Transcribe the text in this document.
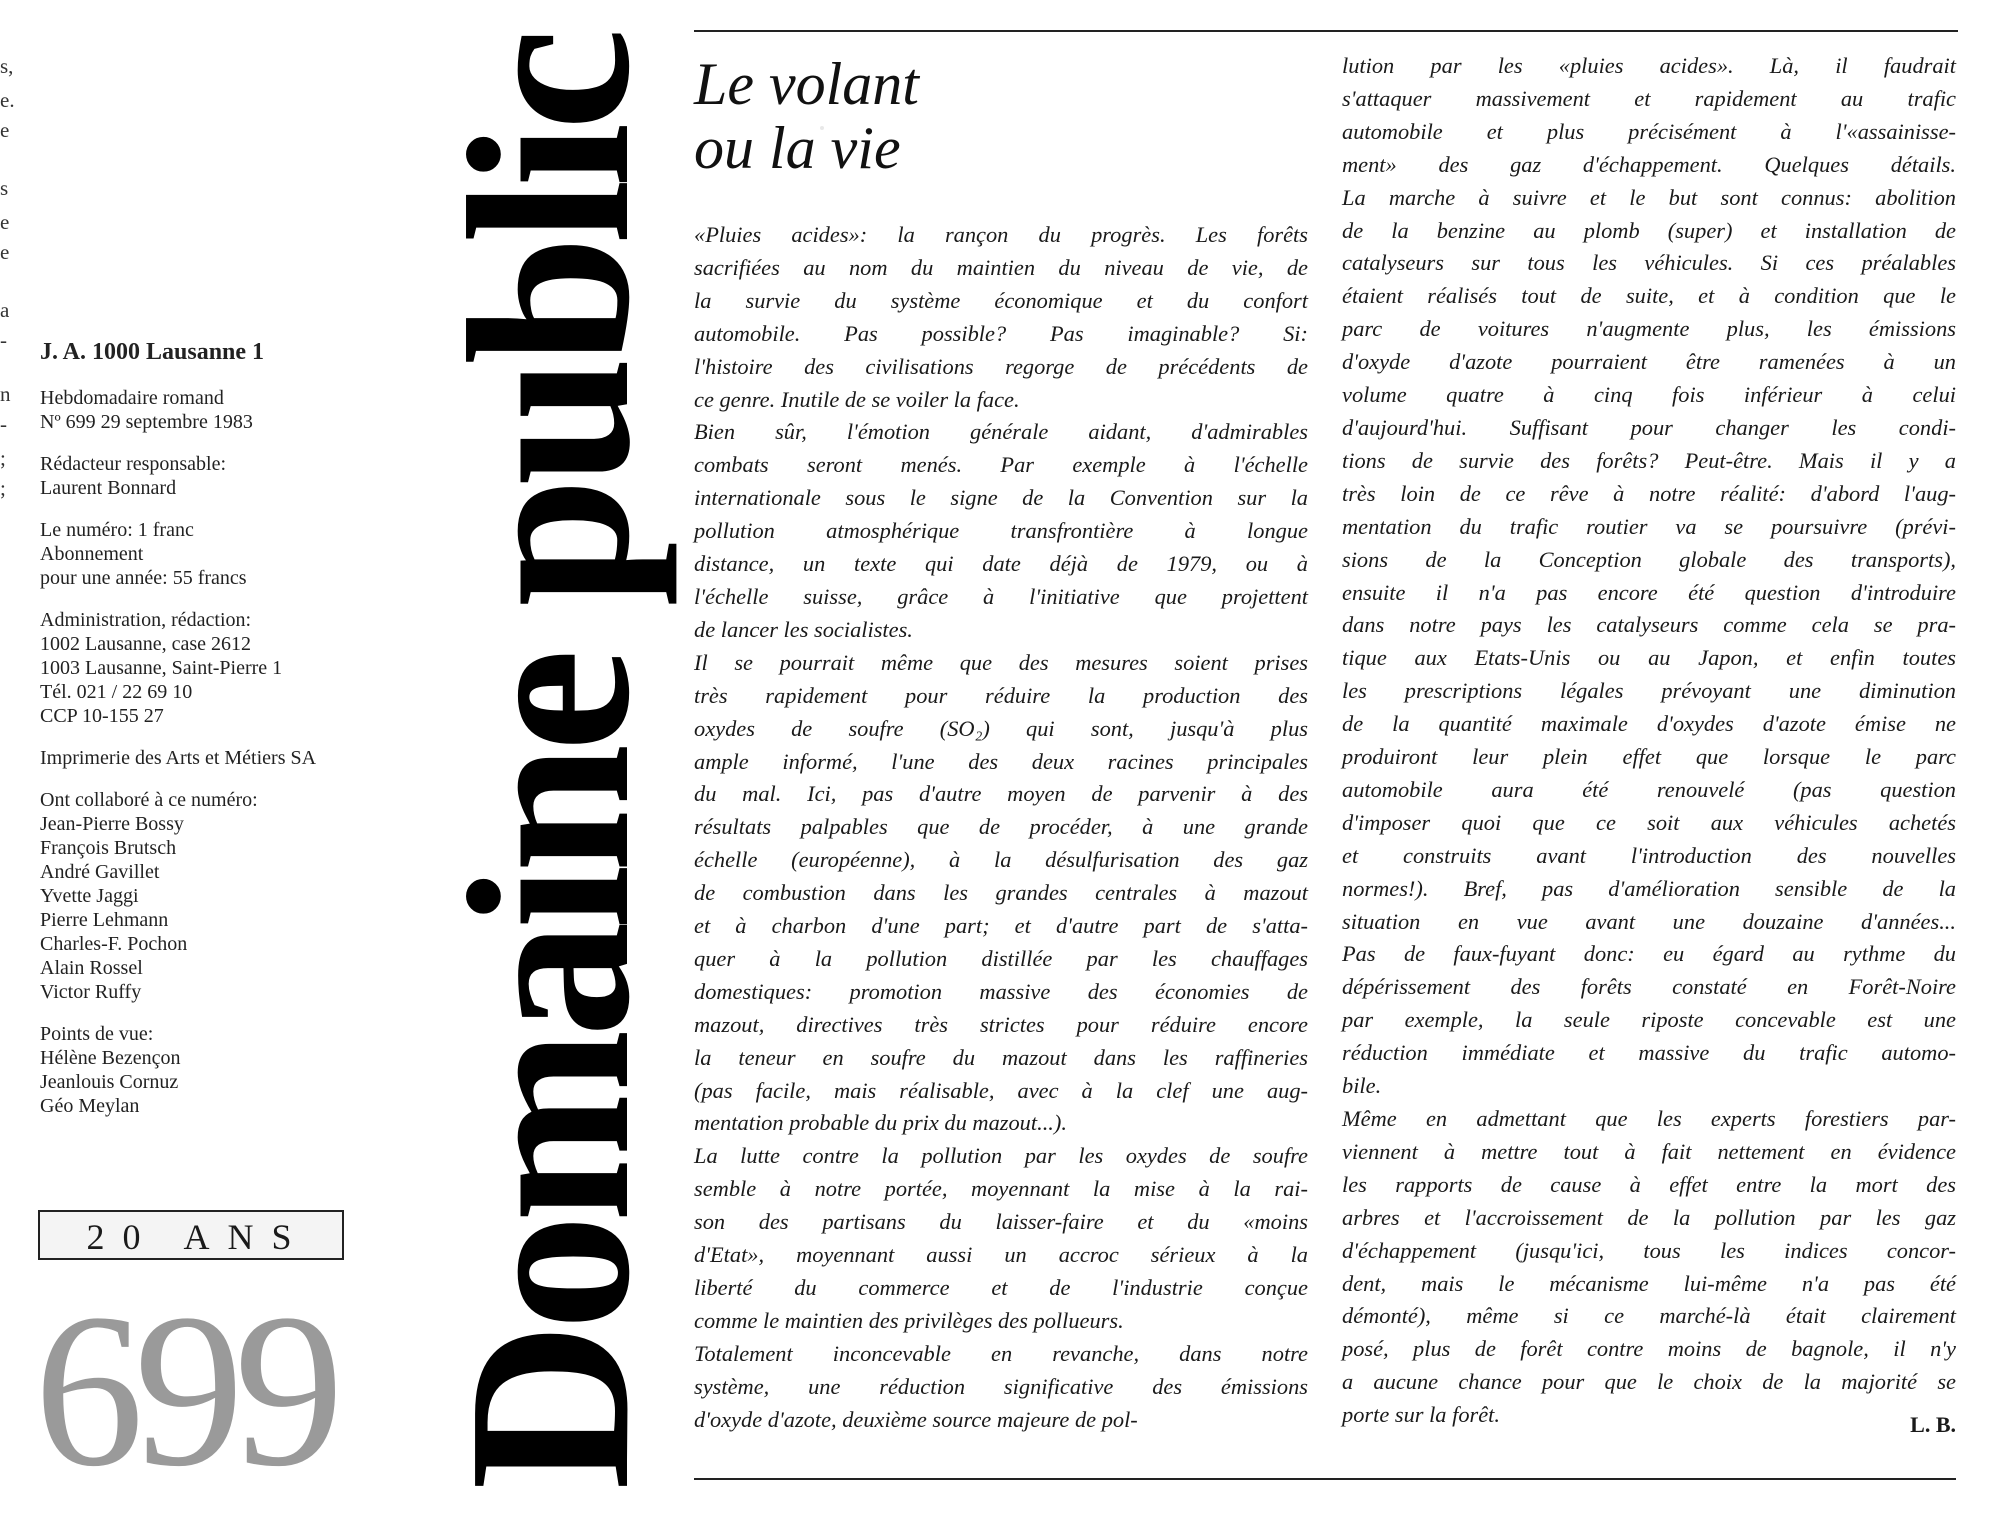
s,
e.
e
s
e
e
a
-
n
-
;
;
J. A. 1000 Lausanne 1
Hebdomadaire romand
Nº 699 29 septembre 1983
Rédacteur responsable:
Laurent Bonnard
Le numéro: 1 franc
Abonnement
pour une année: 55 francs
Administration, rédaction:
1002 Lausanne, case 2612
1003 Lausanne, Saint-Pierre 1
Tél. 021 / 22 69 10
CCP 10-155 27
Imprimerie des Arts et Métiers SA
Ont collaboré à ce numéro:
Jean-Pierre Bossy
François Brutsch
André Gavillet
Yvette Jaggi
Pierre Lehmann
Charles-F. Pochon
Alain Rossel
Victor Ruffy
Points de vue:
Hélène Bezençon
Jeanlouis Cornuz
Géo Meylan
20 ANS
699 Domaine public Le volant
ou la vie
«Pluies acides»: la rançon du progrès. Les forêts
sacrifiées au nom du maintien du niveau de vie, de
la survie du système économique et du confort
automobile. Pas possible? Pas imaginable? Si:
l'histoire des civilisations regorge de précédents de
ce genre. Inutile de se voiler la face.
Bien sûr, l'émotion générale aidant, d'admirables
combats seront menés. Par exemple à l'échelle
internationale sous le signe de la Convention sur la
pollution atmosphérique transfrontière à longue
distance, un texte qui date déjà de 1979, ou à
l'échelle suisse, grâce à l'initiative que projettent
de lancer les socialistes.
Il se pourrait même que des mesures soient prises
très rapidement pour réduire la production des
oxydes de soufre (SO₂) qui sont, jusqu'à plus
ample informé, l'une des deux racines principales
du mal. Ici, pas d'autre moyen de parvenir à des
résultats palpables que de procéder, à une grande
échelle (européenne), à la désulfurisation des gaz
de combustion dans les grandes centrales à mazout
et à charbon d'une part; et d'autre part de s'atta-
quer à la pollution distillée par les chauffages
domestiques: promotion massive des économies de
mazout, directives très strictes pour réduire encore
la teneur en soufre du mazout dans les raffineries
(pas facile, mais réalisable, avec à la clef une aug-
mentation probable du prix du mazout...).
La lutte contre la pollution par les oxydes de soufre
semble à notre portée, moyennant la mise à la rai-
son des partisans du laisser-faire et du «moins
d'Etat», moyennant aussi un accroc sérieux à la
liberté du commerce et de l'industrie conçue
comme le maintien des privilèges des pollueurs.
Totalement inconcevable en revanche, dans notre
système, une réduction significative des émissions
d'oxyde d'azote, deuxième source majeure de pol-
lution par les «pluies acides». Là, il faudrait
s'attaquer massivement et rapidement au trafic
automobile et plus précisément à l'«assainisse-
ment» des gaz d'échappement. Quelques détails.
La marche à suivre et le but sont connus: abolition
de la benzine au plomb (super) et installation de
catalyseurs sur tous les véhicules. Si ces préalables
étaient réalisés tout de suite, et à condition que le
parc de voitures n'augmente plus, les émissions
d'oxyde d'azote pourraient être ramenées à un
volume quatre à cinq fois inférieur à celui
d'aujourd'hui. Suffisant pour changer les condi-
tions de survie des forêts? Peut-être. Mais il y a
très loin de ce rêve à notre réalité: d'abord l'aug-
mentation du trafic routier va se poursuivre (prévi-
sions de la Conception globale des transports),
ensuite il n'a pas encore été question d'introduire
dans notre pays les catalyseurs comme cela se pra-
tique aux Etats-Unis ou au Japon, et enfin toutes
les prescriptions légales prévoyant une diminution
de la quantité maximale d'oxydes d'azote émise ne
produiront leur plein effet que lorsque le parc
automobile aura été renouvelé (pas question
d'imposer quoi que ce soit aux véhicules achetés
et construits avant l'introduction des nouvelles
normes!). Bref, pas d'amélioration sensible de la
situation en vue avant une douzaine d'années...
Pas de faux-fuyant donc: eu égard au rythme du
dépérissement des forêts constaté en Forêt-Noire
par exemple, la seule riposte concevable est une
réduction immédiate et massive du trafic automo-
bile.
Même en admettant que les experts forestiers par-
viennent à mettre tout à fait nettement en évidence
les rapports de cause à effet entre la mort des
arbres et l'accroissement de la pollution par les gaz
d'échappement (jusqu'ici, tous les indices concor-
dent, mais le mécanisme lui-même n'a pas été
démonté), même si ce marché-là était clairement
posé, plus de forêt contre moins de bagnole, il n'y
a aucune chance pour que le choix de la majorité se
porte sur la forêt.	L. B.
